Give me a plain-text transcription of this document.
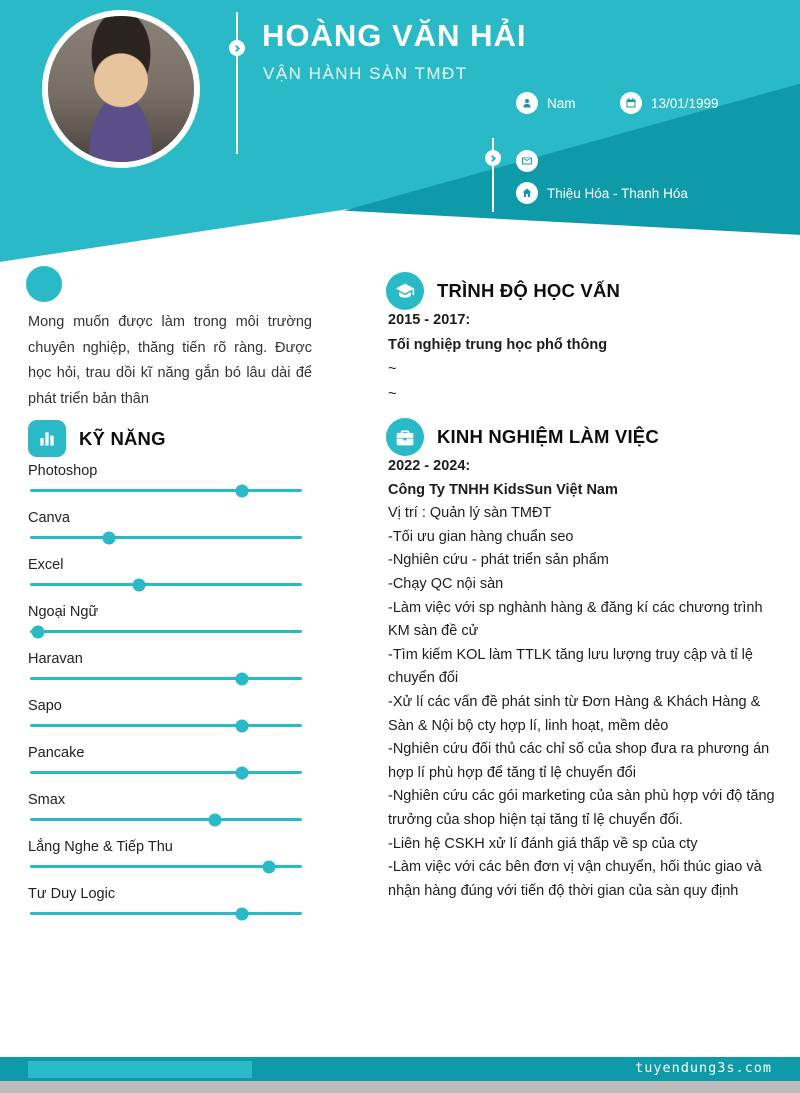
HOÀNG VĂN HẢI
VẬN HÀNH SÀN TMĐT
Nam	13/01/1999
Thiệu Hóa - Thanh Hóa
Mong muốn được làm trong môi trường chuyên nghiệp, thăng tiến rõ ràng. Được học hỏi, trau dồi kĩ năng gắn bó lâu dài để phát triển bản thân
KỸ NĂNG
Photoshop
Canva
Excel
Ngoại Ngữ
Haravan
Sapo
Pancake
Smax
Lắng Nghe & Tiếp Thu
Tư Duy Logic
TRÌNH ĐỘ HỌC VẤN
2015 - 2017:
Tối nghiệp trung học phổ thông
~
~
KINH NGHIỆM LÀM VIỆC
2022 - 2024:
Công Ty TNHH KidsSun Việt Nam
Vị trí : Quản lý sàn TMĐT
-Tối ưu gian hàng chuẩn seo
-Nghiên cứu - phát triển sản phẩm
-Chạy QC nội sàn
-Làm việc với sp nghành hàng & đăng kí các chương trình KM sàn đề cử
-Tìm kiếm KOL làm TTLK tăng lưu lượng truy cập và tỉ lệ chuyển đổi
-Xử lí các vấn đề phát sinh từ Đơn Hàng & Khách Hàng & Sàn & Nội bộ cty hợp lí, linh hoạt, mềm dẻo
-Nghiên cứu đối thủ các chỉ số của shop đưa ra phương án hợp lí phù hợp để tăng tỉ lệ chuyển đổi
-Nghiên cứu các gói marketing của sàn phù hợp với độ tăng trưởng của shop hiện tại tăng tỉ lệ chuyển đổi.
-Liên hệ CSKH xử lí đánh giá thấp về sp của cty
-Làm việc với các bên đơn vị vận chuyển, hối thúc giao và nhận hàng đúng với tiến độ thời gian của sàn quy định
tuyendung3s.com
